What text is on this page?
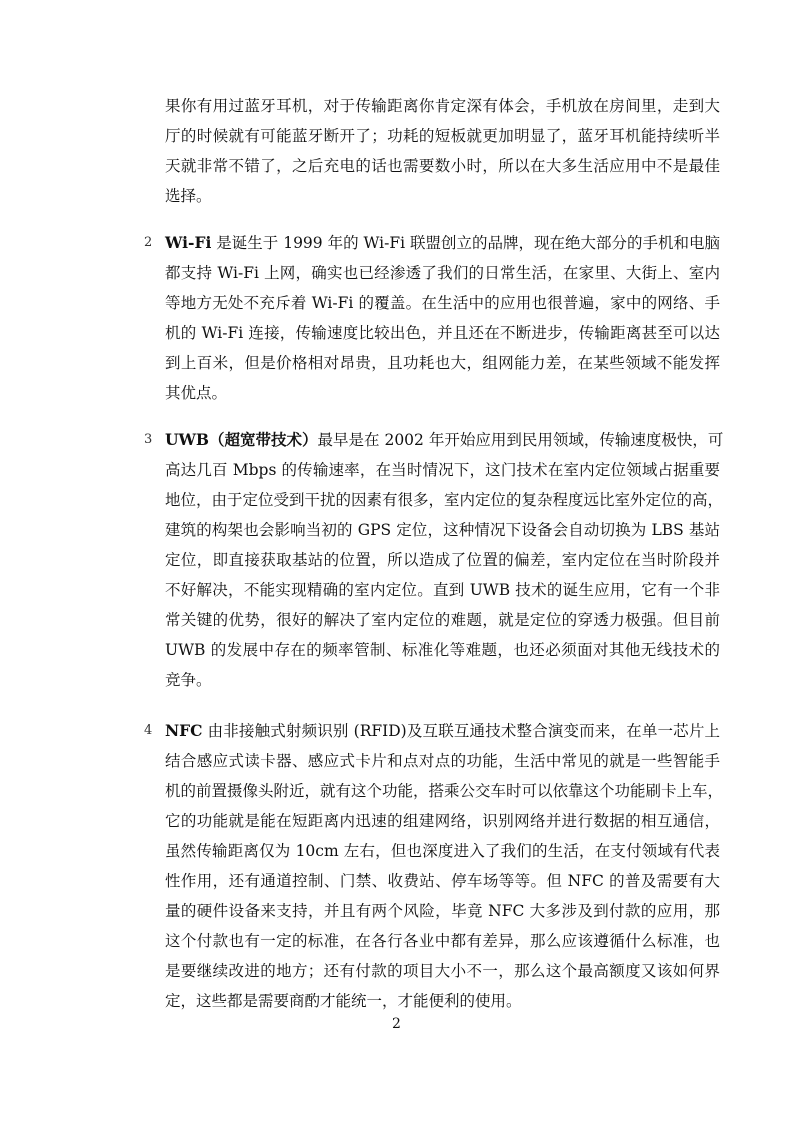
果你有用过蓝牙耳机，对于传输距离你肯定深有体会，手机放在房间里，走到大
厅的时候就有可能蓝牙断开了；功耗的短板就更加明显了，蓝牙耳机能持续听半
天就非常不错了，之后充电的话也需要数小时，所以在大多生活应用中不是最佳
选择。
2 Wi-Fi 是诞生于 1999 年的 Wi-Fi 联盟创立的品牌，现在绝大部分的手机和电脑
都支持 Wi-Fi 上网，确实也已经渗透了我们的日常生活，在家里、大街上、室内
等地方无处不充斥着 Wi-Fi 的覆盖。在生活中的应用也很普遍，家中的网络、手
机的 Wi-Fi 连接，传输速度比较出色，并且还在不断进步，传输距离甚至可以达
到上百米，但是价格相对昂贵，且功耗也大，组网能力差，在某些领域不能发挥
其优点。
3 UWB（超宽带技术）最早是在 2002 年开始应用到民用领域，传输速度极快，可
高达几百 Mbps 的传输速率，在当时情况下，这门技术在室内定位领域占据重要
地位，由于定位受到干扰的因素有很多，室内定位的复杂程度远比室外定位的高，
建筑的构架也会影响当初的 GPS 定位，这种情况下设备会自动切换为 LBS 基站
定位，即直接获取基站的位置，所以造成了位置的偏差，室内定位在当时阶段并
不好解决，不能实现精确的室内定位。直到 UWB 技术的诞生应用，它有一个非
常关键的优势，很好的解决了室内定位的难题，就是定位的穿透力极强。但目前
UWB 的发展中存在的频率管制、标准化等难题，也还必须面对其他无线技术的
竞争。
4 NFC 由非接触式射频识别 (RFID)及互联互通技术整合演变而来，在单一芯片上
结合感应式读卡器、感应式卡片和点对点的功能，生活中常见的就是一些智能手
机的前置摄像头附近，就有这个功能，搭乘公交车时可以依靠这个功能刷卡上车，
它的功能就是能在短距离内迅速的组建网络，识别网络并进行数据的相互通信，
虽然传输距离仅为 10cm 左右，但也深度进入了我们的生活，在支付领域有代表
性作用，还有通道控制、门禁、收费站、停车场等等。但 NFC 的普及需要有大
量的硬件设备来支持，并且有两个风险，毕竟 NFC 大多涉及到付款的应用，那
这个付款也有一定的标准，在各行各业中都有差异，那么应该遵循什么标准，也
是要继续改进的地方；还有付款的项目大小不一，那么这个最高额度又该如何界
定，这些都是需要商酌才能统一，才能便利的使用。
2
